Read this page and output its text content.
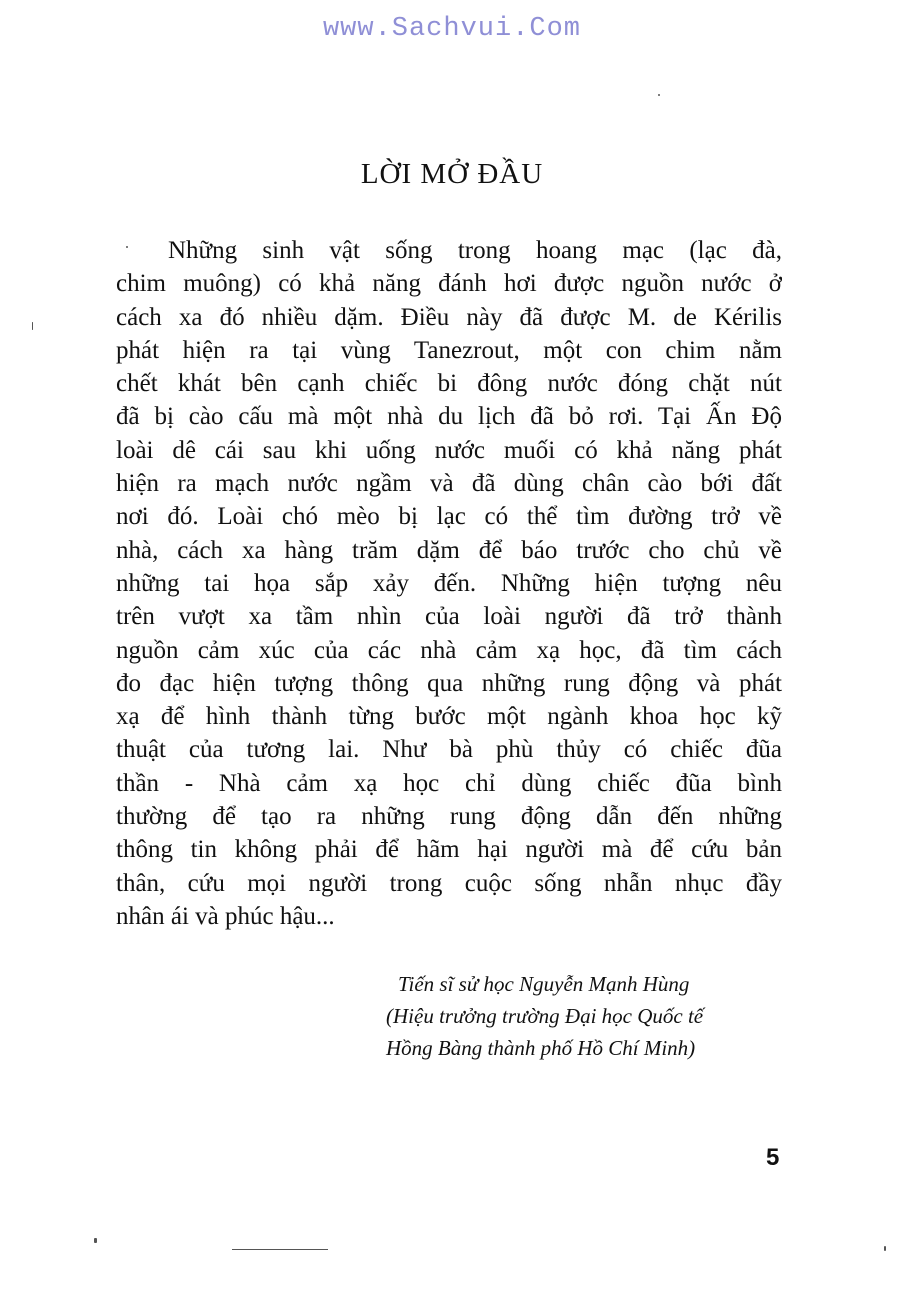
www.Sachvui.Com
LỜI MỞ ĐẦU
Những sinh vật sống trong hoang mạc (lạc đà,
chim muông) có khả năng đánh hơi được nguồn nước ở
cách xa đó nhiều dặm. Điều này đã được M. de Kérilis
phát hiện ra tại vùng Tanezrout, một con chim nằm
chết khát bên cạnh chiếc bi đông nước đóng chặt nút
đã bị cào cấu mà một nhà du lịch đã bỏ rơi. Tại Ấn Độ
loài dê cái sau khi uống nước muối có khả năng phát
hiện ra mạch nước ngầm và đã dùng chân cào bới đất
nơi đó. Loài chó mèo bị lạc có thể tìm đường trở về
nhà, cách xa hàng trăm dặm để báo trước cho chủ về
những tai họa sắp xảy đến. Những hiện tượng nêu
trên vượt xa tầm nhìn của loài người đã trở thành
nguồn cảm xúc của các nhà cảm xạ học, đã tìm cách
đo đạc hiện tượng thông qua những rung động và phát
xạ để hình thành từng bước một ngành khoa học kỹ
thuật của tương lai. Như bà phù thủy có chiếc đũa
thần - Nhà cảm xạ học chỉ dùng chiếc đũa bình
thường để tạo ra những rung động dẫn đến những
thông tin không phải để hãm hại người mà để cứu bản
thân, cứu mọi người trong cuộc sống nhẫn nhục đầy
nhân ái và phúc hậu...
Tiến sĩ sử học Nguyễn Mạnh Hùng
(Hiệu trưởng trường Đại học Quốc tế
Hồng Bàng thành phố Hồ Chí Minh)
5
